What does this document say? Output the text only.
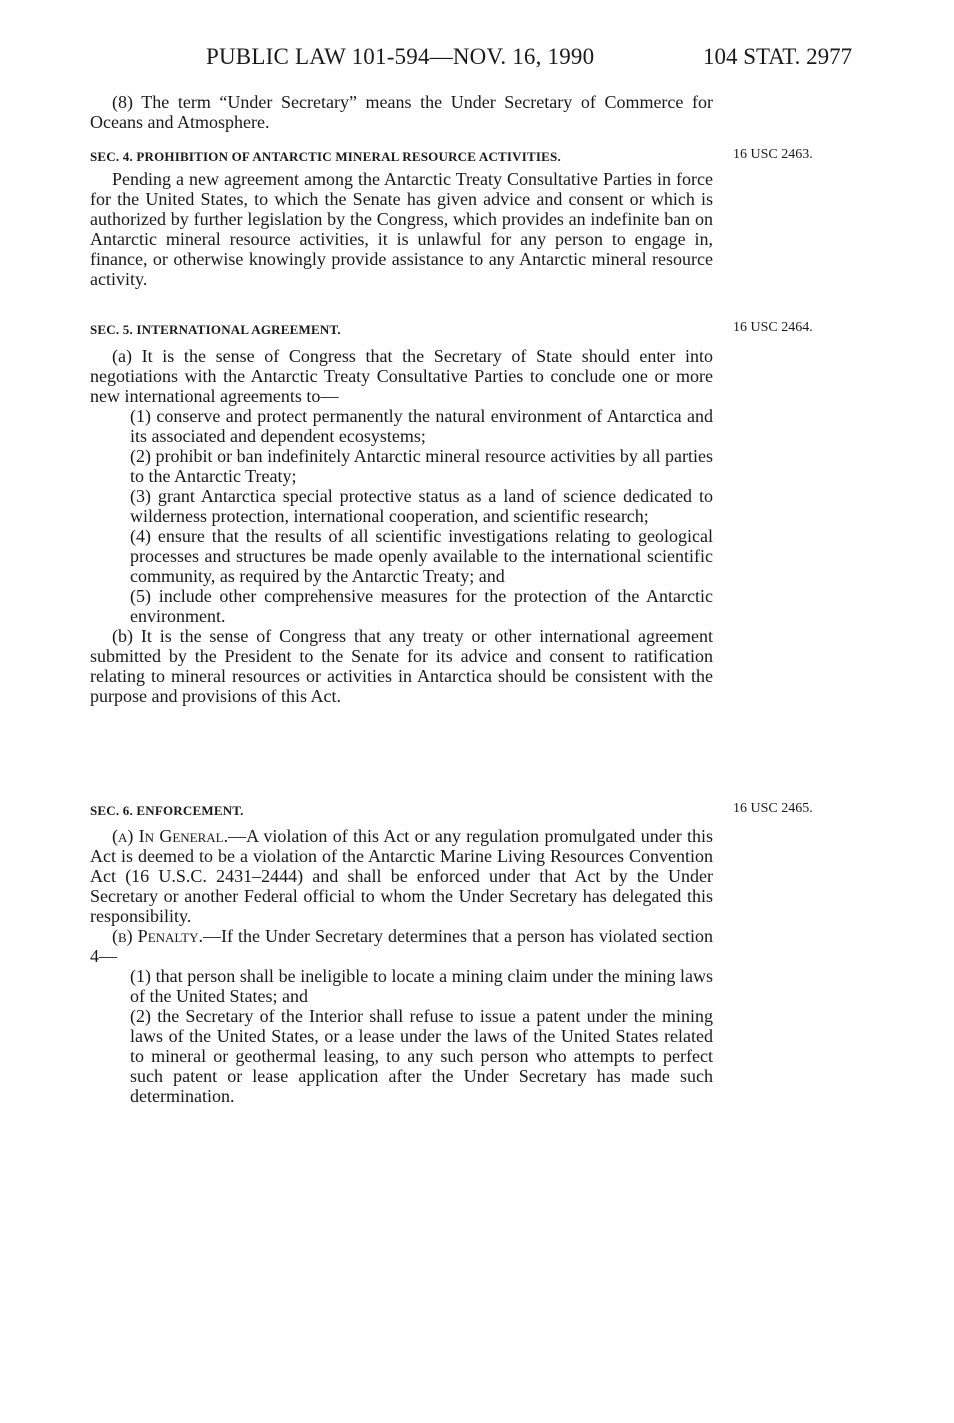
PUBLIC LAW 101-594—NOV. 16, 1990	104 STAT. 2977

(8) The term “Under Secretary” means the Under Secretary of Commerce for Oceans and Atmosphere.

SEC. 4. PROHIBITION OF ANTARCTIC MINERAL RESOURCE ACTIVITIES.	16 USC 2463.

Pending a new agreement among the Antarctic Treaty Consultative Parties in force for the United States, to which the Senate has given advice and consent or which is authorized by further legislation by the Congress, which provides an indefinite ban on Antarctic mineral resource activities, it is unlawful for any person to engage in, finance, or otherwise knowingly provide assistance to any Antarctic mineral resource activity.

SEC. 5. INTERNATIONAL AGREEMENT.	16 USC 2464.

(a) It is the sense of Congress that the Secretary of State should enter into negotiations with the Antarctic Treaty Consultative Parties to conclude one or more new international agreements to—

(1) conserve and protect permanently the natural environment of Antarctica and its associated and dependent ecosystems;

(2) prohibit or ban indefinitely Antarctic mineral resource activities by all parties to the Antarctic Treaty;

(3) grant Antarctica special protective status as a land of science dedicated to wilderness protection, international cooperation, and scientific research;

(4) ensure that the results of all scientific investigations relating to geological processes and structures be made openly available to the international scientific community, as required by the Antarctic Treaty; and

(5) include other comprehensive measures for the protection of the Antarctic environment.

(b) It is the sense of Congress that any treaty or other international agreement submitted by the President to the Senate for its advice and consent to ratification relating to mineral resources or activities in Antarctica should be consistent with the purpose and provisions of this Act.

SEC. 6. ENFORCEMENT.	16 USC 2465.

(a) In General.—A violation of this Act or any regulation promulgated under this Act is deemed to be a violation of the Antarctic Marine Living Resources Convention Act (16 U.S.C. 2431–2444) and shall be enforced under that Act by the Under Secretary or another Federal official to whom the Under Secretary has delegated this responsibility.

(b) Penalty.—If the Under Secretary determines that a person has violated section 4—

(1) that person shall be ineligible to locate a mining claim under the mining laws of the United States; and

(2) the Secretary of the Interior shall refuse to issue a patent under the mining laws of the United States, or a lease under the laws of the United States related to mineral or geothermal leasing, to any such person who attempts to perfect such patent or lease application after the Under Secretary has made such determination.
